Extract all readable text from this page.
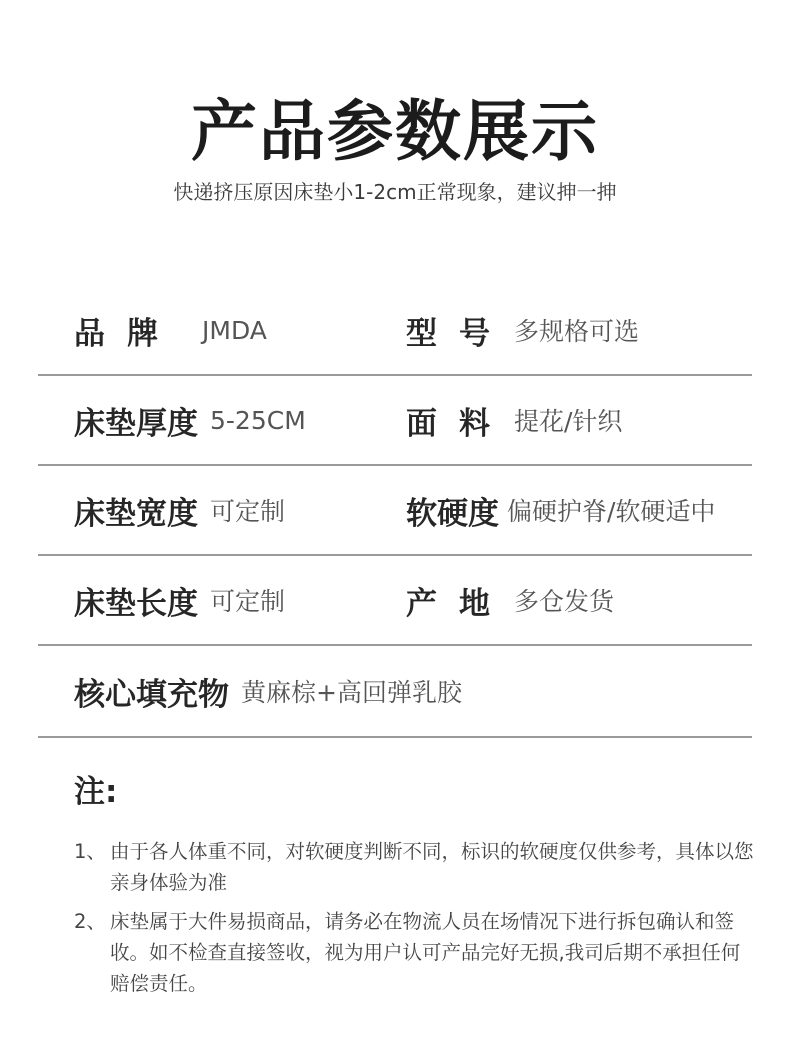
产品参数展示
快递挤压原因床垫小1-2cm正常现象，建议抻一抻
品牌 JMDA	型号 多规格可选
床垫厚度 5-25CM	面料 提花/针织
床垫宽度 可定制	软硬度 偏硬护脊/软硬适中
床垫长度 可定制	产地 多仓发货
核心填充物 黄麻棕+高回弹乳胶
注:
1、 由于各人体重不同，对软硬度判断不同，标识的软硬度仅供参考，具体以您亲身体验为准
2、 床垫属于大件易损商品，请务必在物流人员在场情况下进行拆包确认和签收。如不检查直接签收，视为用户认可产品完好无损,我司后期不承担任何赔偿责任。
